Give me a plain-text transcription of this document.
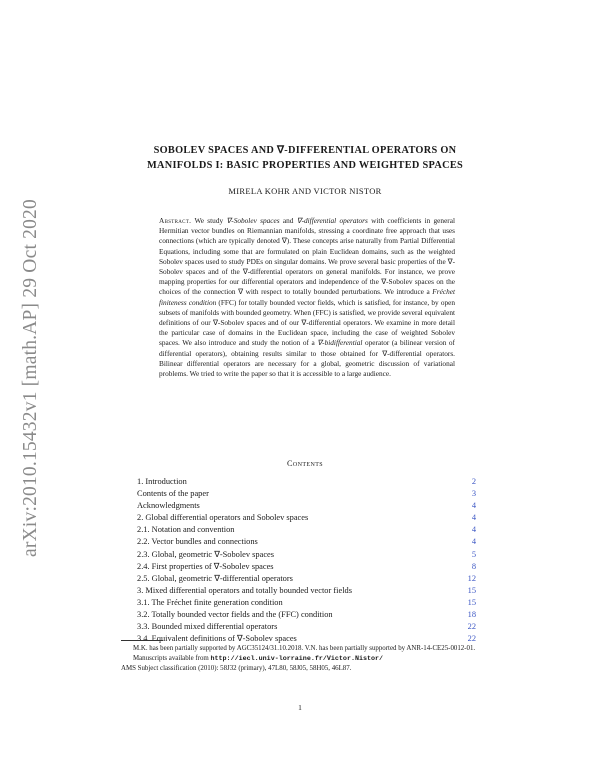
arXiv:2010.15432v1 [math.AP] 29 Oct 2020
SOBOLEV SPACES AND ∇-DIFFERENTIAL OPERATORS ON
MANIFOLDS I: BASIC PROPERTIES AND WEIGHTED SPACES
MIRELA KOHR AND VICTOR NISTOR
Abstract. We study ∇-Sobolev spaces and ∇-differential operators with coefficients in general Hermitian vector bundles on Riemannian manifolds, stressing a coordinate free approach that uses connections (which are typically denoted ∇). These concepts arise naturally from Partial Differential Equations, including some that are formulated on plain Euclidean domains, such as the weighted Sobolev spaces used to study PDEs on singular domains. We prove several basic properties of the ∇-Sobolev spaces and of the ∇-differential operators on general manifolds. For instance, we prove mapping properties for our differential operators and independence of the ∇-Sobolev spaces on the choices of the connection ∇ with respect to totally bounded perturbations. We introduce a Fréchet finiteness condition (FFC) for totally bounded vector fields, which is satisfied, for instance, by open subsets of manifolds with bounded geometry. When (FFC) is satisfied, we provide several equivalent definitions of our ∇-Sobolev spaces and of our ∇-differential operators. We examine in more detail the particular case of domains in the Euclidean space, including the case of weighted Sobolev spaces. We also introduce and study the notion of a ∇-bidifferential operator (a bilinear version of differential operators), obtaining results similar to those obtained for ∇-differential operators. Bilinear differential operators are necessary for a global, geometric discussion of variational problems. We tried to write the paper so that it is accessible to a large audience.
Contents
1. Introduction	2
Contents of the paper	3
Acknowledgments	4
2. Global differential operators and Sobolev spaces	4
2.1. Notation and convention	4
2.2. Vector bundles and connections	4
2.3. Global, geometric ∇-Sobolev spaces	5
2.4. First properties of ∇-Sobolev spaces	8
2.5. Global, geometric ∇-differential operators	12
3. Mixed differential operators and totally bounded vector fields	15
3.1. The Fréchet finite generation condition	15
3.2. Totally bounded vector fields and the (FFC) condition	18
3.3. Bounded mixed differential operators	22
3.4. Equivalent definitions of ∇-Sobolev spaces	22

M.K. has been partially supported by AGC35124/31.10.2018. V.N. has been partially supported by ANR-14-CE25-0012-01.

Manuscripts available from http://iecl.univ-lorraine.fr/Victor.Nistor/

AMS Subject classification (2010): 58J32 (primary), 47L80, 58J05, 58H05, 46L87.

1
